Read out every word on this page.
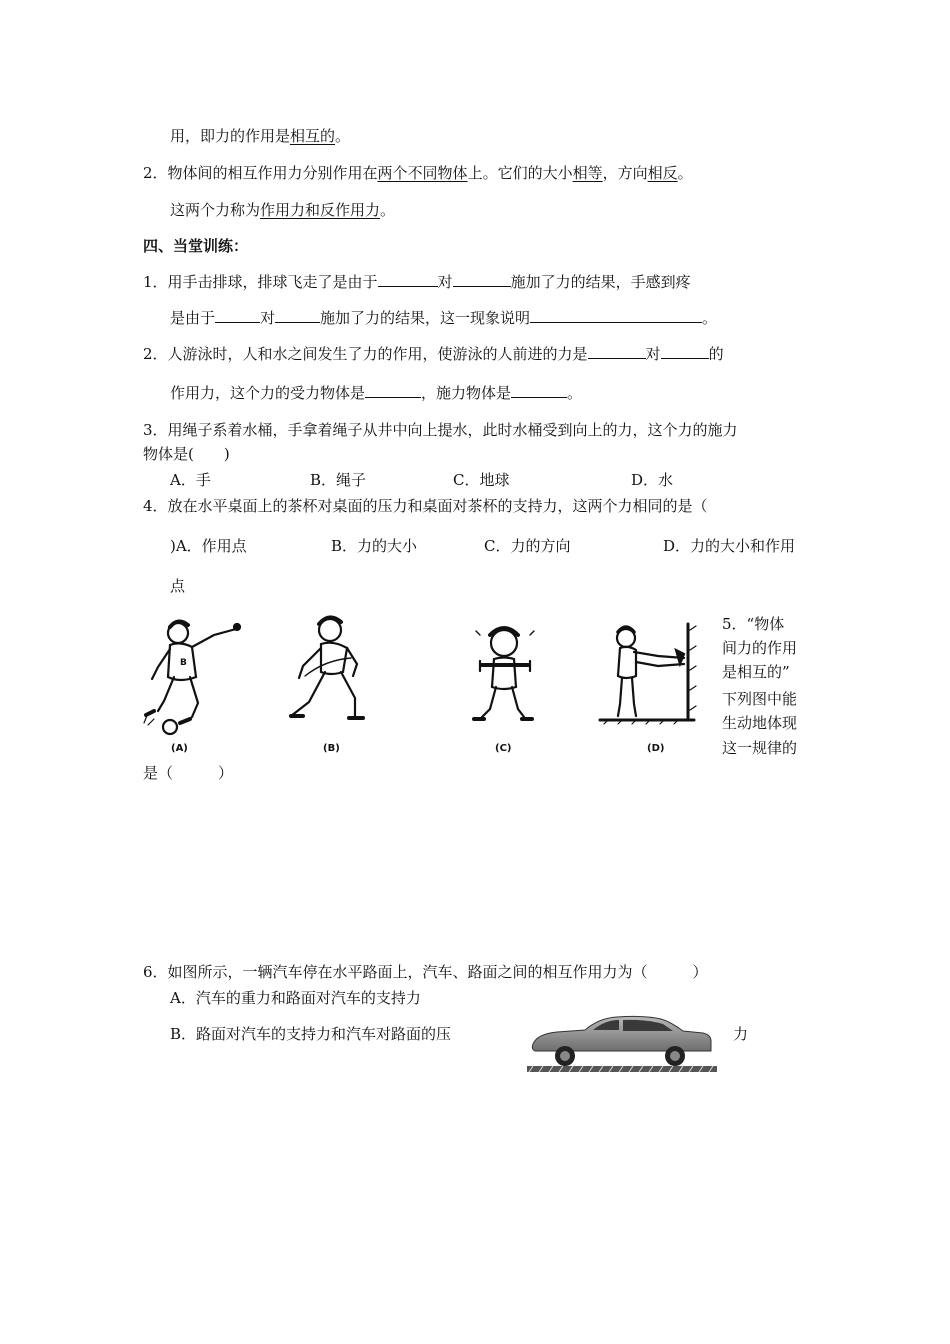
用，即力的作用是相互的。
2．物体间的相互作用力分别作用在两个不同物体上。它们的大小相等，方向相反。
这两个力称为作用力和反作用力。
四、当堂训练：
1．用手击排球，排球飞走了是由于	对	施加了力的结果，手感到疼
是由于	对	施加了力的结果，这一现象说明	。
2．人游泳时，人和水之间发生了力的作用，使游泳的人前进的力是	对	的
作用力，这个力的受力物体是	，施力物体是	。
3．用绳子系着水桶，手拿着绳子从井中向上提水，此时水桶受到向上的力，这个力的施力
物体是(　　)
A．手	B．绳子	C．地球	D．水
4．放在水平桌面上的茶杯对桌面的压力和桌面对茶杯的支持力，这两个力相同的是（
)A．作用点	B．力的大小	C．力的方向	D．力的大小和作用
点
B
(A)	(B)	(C)	(D)
5．“物体
间力的作用
是相互的”
下列图中能
生动地体现
这一规律的
是（　　　）
6．如图所示，一辆汽车停在水平路面上，汽车、路面之间的相互作用力为（　　　）
A．汽车的重力和路面对汽车的支持力
B．路面对汽车的支持力和汽车对路面的压	力
